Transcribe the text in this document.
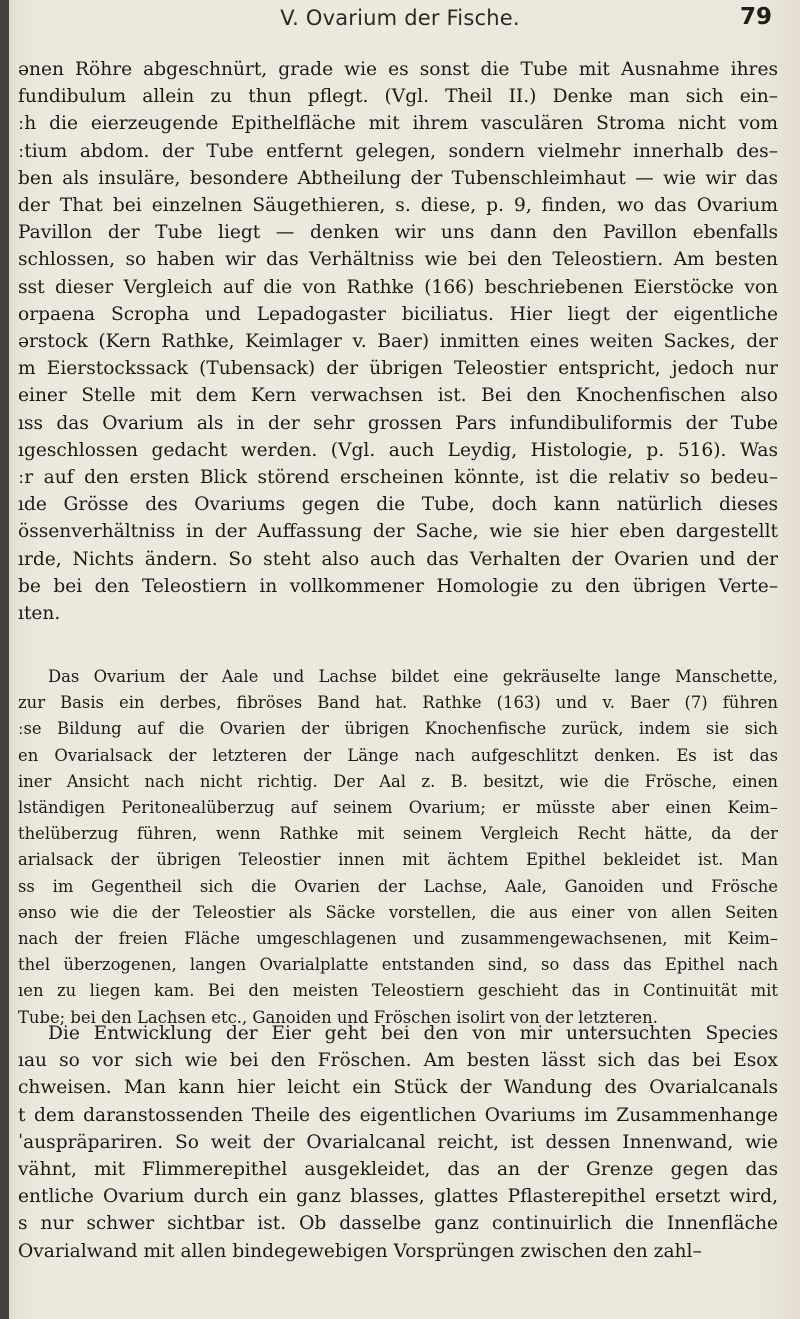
V. Ovarium der Fische.	79
ənen Röhre abgeschnürt, grade wie es sonst die Tube mit Ausnahme ihres
fundibulum allein zu thun pflegt. (Vgl. Theil II.) Denke man sich ein–
ːh die eierzeugende Epithelfläche mit ihrem vasculären Stroma nicht vom
ːtium abdom. der Tube entfernt gelegen, sondern vielmehr innerhalb des–
ben als insuläre, besondere Abtheilung der Tubenschleimhaut — wie wir das
der That bei einzelnen Säugethieren, s. diese, p. 9, finden, wo das Ovarium
Pavillon der Tube liegt — denken wir uns dann den Pavillon ebenfalls
schlossen, so haben wir das Verhältniss wie bei den Teleostiern. Am besten
sst dieser Vergleich auf die von Rathke (166) beschriebenen Eierstöcke von
orpaena Scropha und Lepadogaster biciliatus. Hier liegt der eigentliche
ərstock (Kern Rathke, Keimlager v. Baer) inmitten eines weiten Sackes, der
m Eierstockssack (Tubensack) der übrigen Teleostier entspricht, jedoch nur
einer Stelle mit dem Kern verwachsen ist. Bei den Knochenfischen also
ıss das Ovarium als in der sehr grossen Pars infundibuliformis der Tube
ıgeschlossen gedacht werden. (Vgl. auch Leydig, Histologie, p. 516). Was
ːr auf den ersten Blick störend erscheinen könnte, ist die relativ so bedeu–
ıde Grösse des Ovariums gegen die Tube, doch kann natürlich dieses
össenverhältniss in der Auffassung der Sache, wie sie hier eben dargestellt
ırde, Nichts ändern. So steht also auch das Verhalten der Ovarien und der
be bei den Teleostiern in vollkommener Homologie zu den übrigen Verte–
ıten.
Das Ovarium der Aale und Lachse bildet eine gekräuselte lange Manschette,
zur Basis ein derbes, fibröses Band hat. Rathke (163) und v. Baer (7) führen
ːse Bildung auf die Ovarien der übrigen Knochenfische zurück, indem sie sich
en Ovarialsack der letzteren der Länge nach aufgeschlitzt denken. Es ist das
iner Ansicht nach nicht richtig. Der Aal z. B. besitzt, wie die Frösche, einen
lständigen Peritonealüberzug auf seinem Ovarium; er müsste aber einen Keim–
thelüberzug führen, wenn Rathke mit seinem Vergleich Recht hätte, da der
arialsack der übrigen Teleostier innen mit ächtem Epithel bekleidet ist. Man
ss im Gegentheil sich die Ovarien der Lachse, Aale, Ganoiden und Frösche
ənso wie die der Teleostier als Säcke vorstellen, die aus einer von allen Seiten
nach der freien Fläche umgeschlagenen und zusammengewachsenen, mit Keim–
thel überzogenen, langen Ovarialplatte entstanden sind, so dass das Epithel nach
ıen zu liegen kam. Bei den meisten Teleostiern geschieht das in Continuität mit
Tube; bei den Lachsen etc., Ganoiden und Fröschen isolirt von der letzteren.
Die Entwicklung der Eier geht bei den von mir untersuchten Species
ıau so vor sich wie bei den Fröschen. Am besten lässt sich das bei Esox
chweisen. Man kann hier leicht ein Stück der Wandung des Ovarialcanals
t dem daranstossenden Theile des eigentlichen Ovariums im Zusammenhange
ˈauspräpariren. So weit der Ovarialcanal reicht, ist dessen Innenwand, wie
vähnt, mit Flimmerepithel ausgekleidet, das an der Grenze gegen das
entliche Ovarium durch ein ganz blasses, glattes Pflasterepithel ersetzt wird,
s nur schwer sichtbar ist. Ob dasselbe ganz continuirlich die Innenfläche
Ovarialwand mit allen bindegewebigen Vorsprüngen zwischen den zahl–
